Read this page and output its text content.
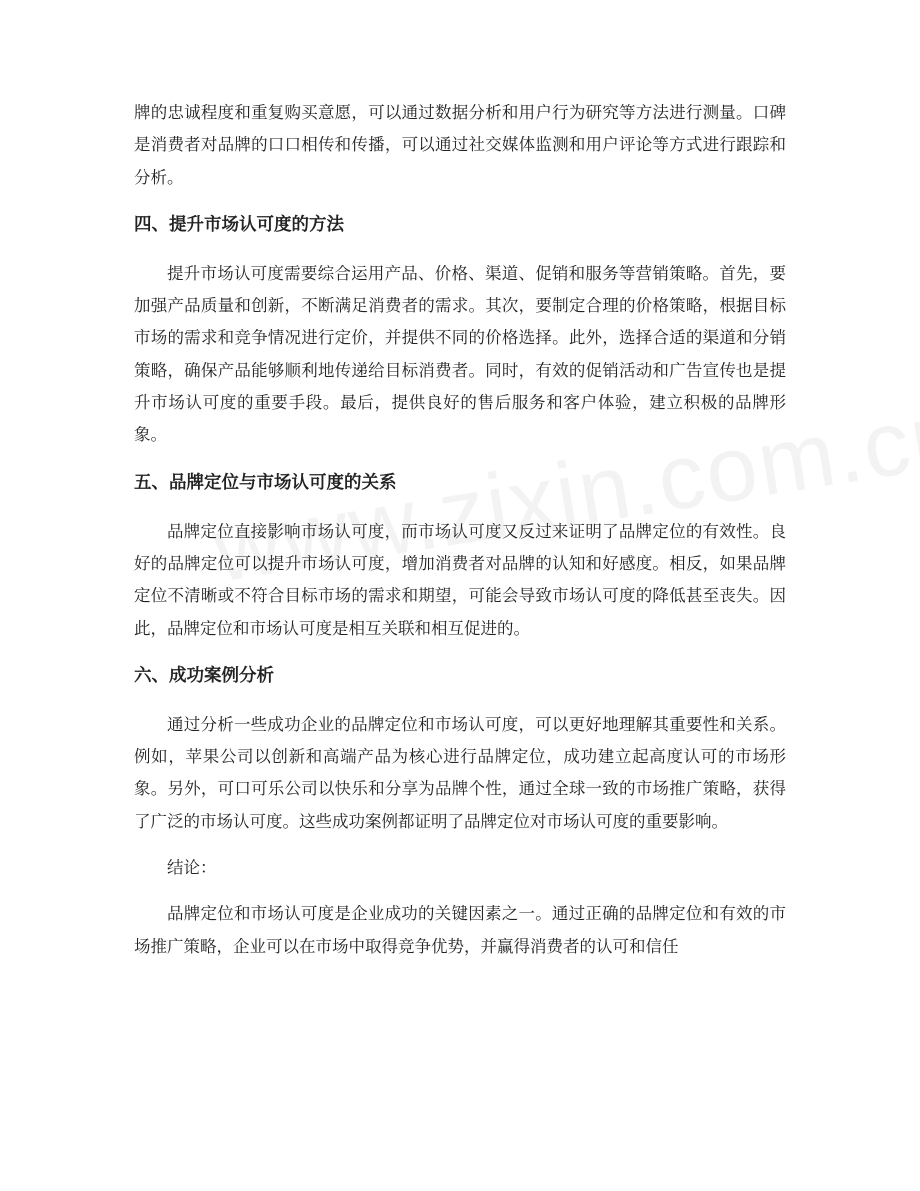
牌的忠诚程度和重复购买意愿，可以通过数据分析和用户行为研究等方法进行测量。口碑是消费者对品牌的口口相传和传播，可以通过社交媒体监测和用户评论等方式进行跟踪和分析。

四、提升市场认可度的方法

提升市场认可度需要综合运用产品、价格、渠道、促销和服务等营销策略。首先，要加强产品质量和创新，不断满足消费者的需求。其次，要制定合理的价格策略，根据目标市场的需求和竞争情况进行定价，并提供不同的价格选择。此外，选择合适的渠道和分销策略，确保产品能够顺利地传递给目标消费者。同时，有效的促销活动和广告宣传也是提升市场认可度的重要手段。最后，提供良好的售后服务和客户体验，建立积极的品牌形象。

五、品牌定位与市场认可度的关系

品牌定位直接影响市场认可度，而市场认可度又反过来证明了品牌定位的有效性。良好的品牌定位可以提升市场认可度，增加消费者对品牌的认知和好感度。相反，如果品牌定位不清晰或不符合目标市场的需求和期望，可能会导致市场认可度的降低甚至丧失。因此，品牌定位和市场认可度是相互关联和相互促进的。

六、成功案例分析

通过分析一些成功企业的品牌定位和市场认可度，可以更好地理解其重要性和关系。例如，苹果公司以创新和高端产品为核心进行品牌定位，成功建立起高度认可的市场形象。另外，可口可乐公司以快乐和分享为品牌个性，通过全球一致的市场推广策略，获得了广泛的市场认可度。这些成功案例都证明了品牌定位对市场认可度的重要影响。

结论：

品牌定位和市场认可度是企业成功的关键因素之一。通过正确的品牌定位和有效的市场推广策略，企业可以在市场中取得竞争优势，并赢得消费者的认可和信任
